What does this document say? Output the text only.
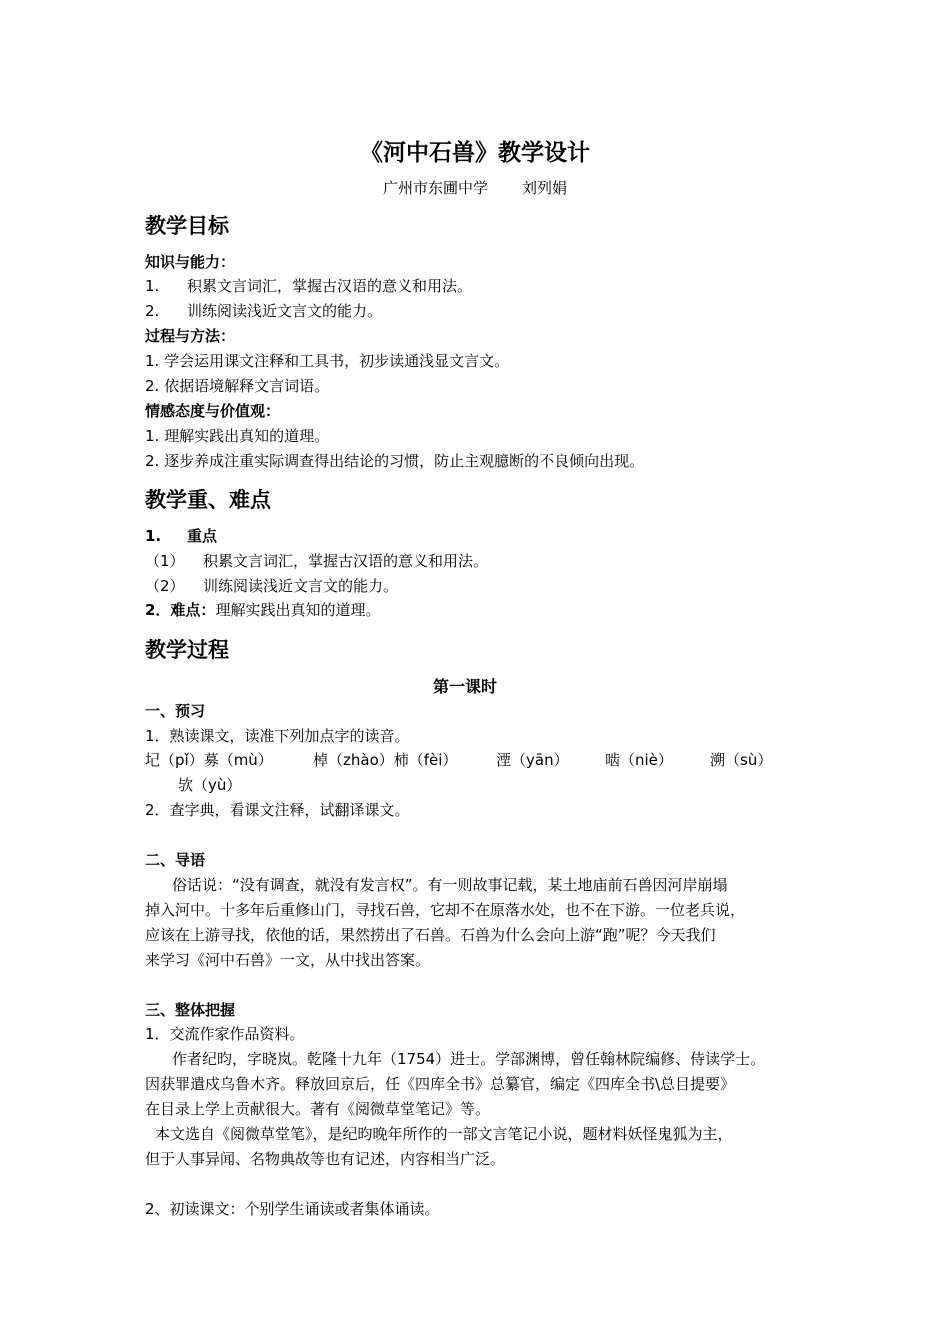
《河中石兽》教学设计
广州市东圃中学 刘列娟
教学目标
知识与能力：
1. 积累文言词汇，掌握古汉语的意义和用法。
2. 训练阅读浅近文言文的能力。
过程与方法：
1. 学会运用课文注释和工具书，初步读通浅显文言文。
2. 依据语境解释文言词语。
情感态度与价值观：
1. 理解实践出真知的道理。
2. 逐步养成注重实际调查得出结论的习惯，防止主观臆断的不良倾向出现。
教学重、难点
1. 重点
（1） 积累文言词汇，掌握古汉语的意义和用法。
（2） 训练阅读浅近文言文的能力。
2．难点：理解实践出真知的道理。
教学过程
第一课时
一、预习
1．熟读课文，读准下列加点字的读音。
圮（pǐ）募（mù）	棹（zhào）柿（fèi）	湮（yān） 啮（niè） 溯（sù）
欤（yù）
2．查字典，看课文注释，试翻译课文。
二、导语
俗话说：“没有调查，就没有发言权”。有一则故事记载，某土地庙前石兽因河岸崩塌
掉入河中。十多年后重修山门，寻找石兽，它却不在原落水处，也不在下游。一位老兵说，
应该在上游寻找，依他的话，果然捞出了石兽。石兽为什么会向上游“跑”呢？今天我们
来学习《河中石兽》一文，从中找出答案。
三、整体把握
1．交流作家作品资料。
作者纪昀，字晓岚。乾隆十九年（1754）进士。学部渊博，曾任翰林院编修、侍读学士。
因获罪遣戍乌鲁木齐。释放回京后，任《四库全书》总纂官，编定《四库全书\总目提要》
在目录上学上贡献很大。著有《阅微草堂笔记》等。
本文选自《阅微草堂笔》，是纪昀晚年所作的一部文言笔记小说，题材料妖怪鬼狐为主，
但于人事异闻、名物典故等也有记述，内容相当广泛。
2、初读课文：个别学生诵读或者集体诵读。
